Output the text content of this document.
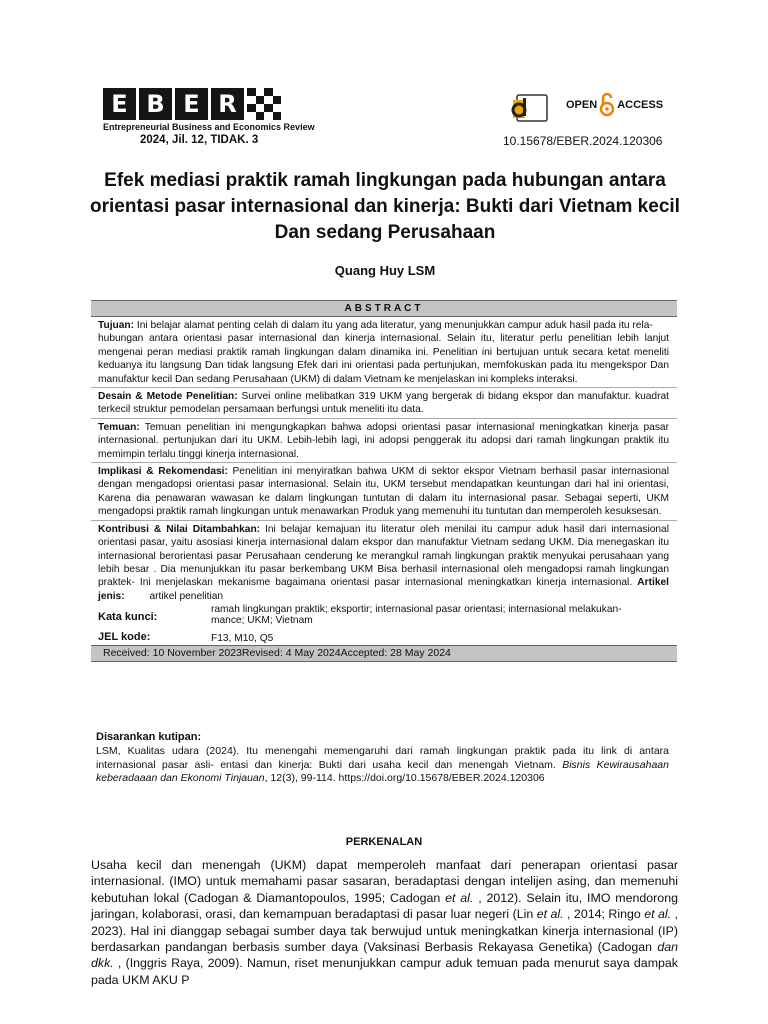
E B E R
Entrepreneurial Business and Economics Review
2024, Jil. 12, TIDAK. 3
OPEN ACCESS
10.15678/EBER.2024.120306
Efek mediasi praktik ramah lingkungan pada hubungan antara orientasi pasar internasional dan kinerja: Bukti dari Vietnam kecil Dan sedang Perusahaan
Quang Huy LSM
ABSTRACT
Tujuan: Ini belajar alamat penting celah di dalam itu yang ada literatur, yang menunjukkan campur aduk hasil pada itu rela-
hubungan antara orientasi pasar internasional dan kinerja internasional. Selain itu, literatur perlu penelitian lebih lanjut mengenai peran mediasi praktik ramah lingkungan dalam dinamika ini. Penelitian ini bertujuan untuk secara ketat meneliti keduanya itu langsung Dan tidak langsung Efek dari ini orientasi pada pertunjukan, memfokuskan pada itu mengekspor Dan manufaktur kecil Dan sedang Perusahaan (UKM) di dalam Vietnam ke menjelaskan ini kompleks interaksi.
Desain & Metode Penelitian: Survei online melibatkan 319 UKM yang bergerak di bidang ekspor dan manufaktur. kuadrat terkecil struktur pemodelan persamaan berfungsi untuk meneliti itu data.
Temuan: Temuan penelitian ini mengungkapkan bahwa adopsi orientasi pasar internasional meningkatkan kinerja pasar internasional. pertunjukan dari itu UKM. Lebih-lebih lagi, ini adopsi penggerak itu adopsi dari ramah lingkungan praktik itu memimpin terlalu tinggi kinerja internasional.
Implikasi & Rekomendasi: Penelitian ini menyiratkan bahwa UKM di sektor ekspor Vietnam berhasil pasar internasional dengan mengadopsi orientasi pasar internasional. Selain itu, UKM tersebut mendapatkan keuntungan dari hal ini orientasi, Karena dia penawaran wawasan ke dalam lingkungan tuntutan di dalam itu internasional pasar. Sebagai seperti, UKM mengadopsi praktik ramah lingkungan untuk menawarkan Produk yang memenuhi itu tuntutan dan memperoleh kesuksesan.
Kontribusi & Nilai Ditambahkan: Ini belajar kemajuan itu literatur oleh menilai itu campur aduk hasil dari internasional orientasi pasar, yaitu asosiasi kinerja internasional dalam ekspor dan manufaktur Vietnam sedang UKM. Dia menegaskan itu internasional berorientasi pasar Perusahaan cenderung ke merangkul ramah lingkungan praktik menyukai perusahaan yang lebih besar . Dia menunjukkan itu pasar berkembang UKM Bisa berhasil internasional oleh mengadopsi ramah lingkungan praktek- Ini menjelaskan mekanisme bagaimana orientasi pasar internasional meningkatkan kinerja internasional. Artikel jenis: artikel penelitian
Kata kunci:
ramah lingkungan praktik; eksportir; internasional pasar orientasi; internasional melakukan- mance; UKM; Vietnam
JEL kode:	F13, M10, Q5
Received: 10 November 2023Revised: 4 May 2024Accepted: 28 May 2024
Disarankan kutipan:
LSM, Kualitas udara (2024). Itu menengahi memengaruhi dari ramah lingkungan praktik pada itu link di antara internasional pasar asli- entasi dan kinerja: Bukti dari usaha kecil dan menengah Vietnam. Bisnis Kewirausahaan keberadaaan dan Ekonomi Tinjauan, 12(3), 99-114. https://doi.org/10.15678/EBER.2024.120306
PERKENALAN
Usaha kecil dan menengah (UKM) dapat memperoleh manfaat dari penerapan orientasi pasar internasional. (IMO) untuk memahami pasar sasaran, beradaptasi dengan intelijen asing, dan memenuhi kebutuhan lokal (Cadogan & Diamantopoulos, 1995; Cadogan et al. , 2012). Selain itu, IMO mendorong jaringan, kolaborasi, orasi, dan kemampuan beradaptasi di pasar luar negeri (Lin et al. , 2014; Ringo et al. , 2023). Hal ini dianggap sebagai sumber daya tak berwujud untuk meningkatkan kinerja internasional (IP) berdasarkan pandangan berbasis sumber daya (Vaksinasi Berbasis Rekayasa Genetika) (Cadogan dan dkk. , (Inggris Raya, 2009). Namun, riset menunjukkan campur aduk temuan pada menurut saya dampak pada UKM AKU P
